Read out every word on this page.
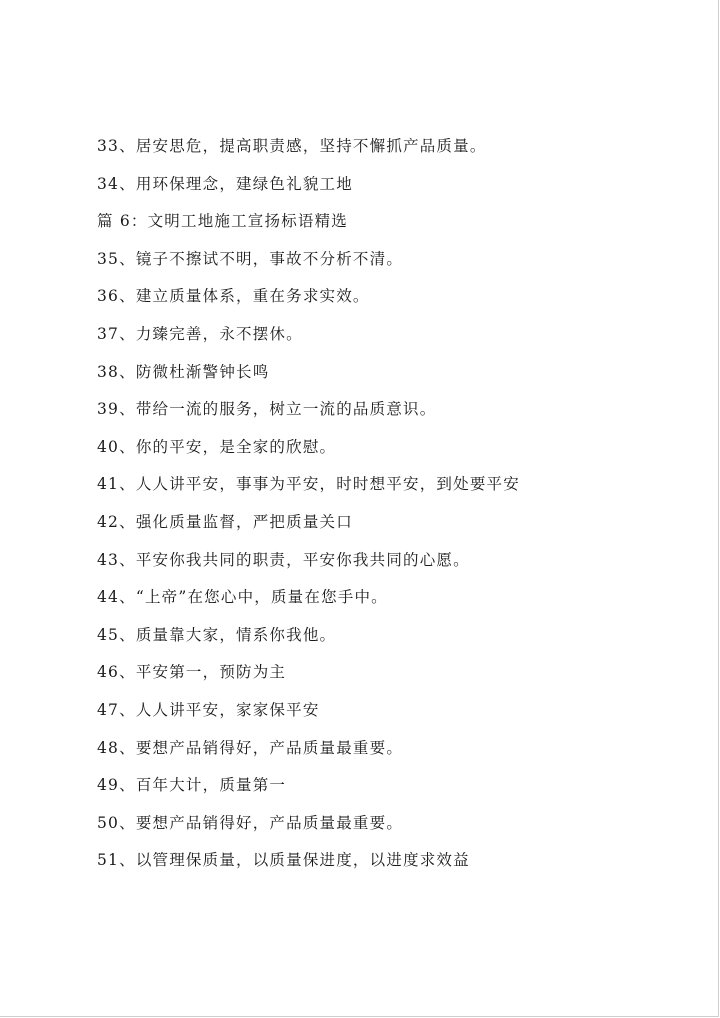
33、居安思危，提高职责感，坚持不懈抓产品质量。
34、用环保理念，建绿色礼貌工地
篇 6：文明工地施工宣扬标语精选
35、镜子不擦试不明，事故不分析不清。
36、建立质量体系，重在务求实效。
37、力臻完善，永不摆休。
38、防微杜渐警钟长鸣
39、带给一流的服务，树立一流的品质意识。
40、你的平安，是全家的欣慰。
41、人人讲平安，事事为平安，时时想平安，到处要平安
42、强化质量监督，严把质量关口
43、平安你我共同的职责，平安你我共同的心愿。
44、“上帝”在您心中，质量在您手中。
45、质量靠大家，情系你我他。
46、平安第一，预防为主
47、人人讲平安，家家保平安
48、要想产品销得好，产品质量最重要。
49、百年大计，质量第一
50、要想产品销得好，产品质量最重要。
51、以管理保质量，以质量保进度，以进度求效益
